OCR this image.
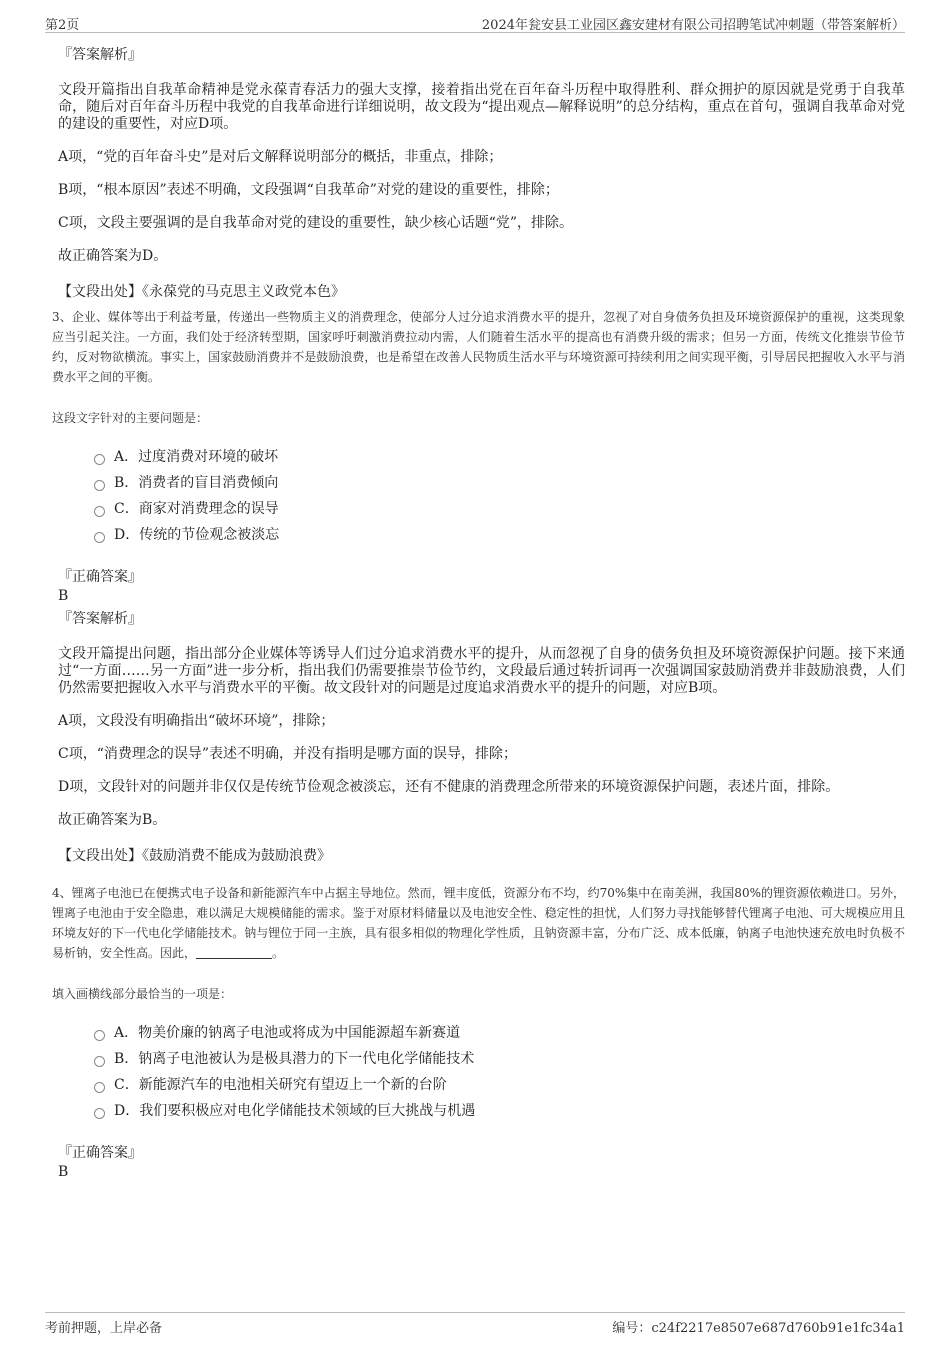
第2页	2024年瓮安县工业园区鑫安建材有限公司招聘笔试冲刺题（带答案解析）
『答案解析』

文段开篇指出自我革命精神是党永葆青春活力的强大支撑，接着指出党在百年奋斗历程中取得胜利、群众拥护的原因就是党勇于自我革命，随后对百年奋斗历程中我党的自我革命进行详细说明，故文段为“提出观点—解释说明”的总分结构，重点在首句，强调自我革命对党的建设的重要性，对应D项。

A项，“党的百年奋斗史”是对后文解释说明部分的概括，非重点，排除；

B项，“根本原因”表述不明确，文段强调“自我革命”对党的建设的重要性，排除；

C项，文段主要强调的是自我革命对党的建设的重要性，缺少核心话题“党”，排除。

故正确答案为D。

【文段出处】《永葆党的马克思主义政党本色》

3、企业、媒体等出于利益考量，传递出一些物质主义的消费理念，使部分人过分追求消费水平的提升，忽视了对自身债务负担及环境资源保护的重视，这类现象应当引起关注。一方面，我们处于经济转型期，国家呼吁刺激消费拉动内需，人们随着生活水平的提高也有消费升级的需求；但另一方面，传统文化推崇节俭节约，反对物欲横流。事实上，国家鼓励消费并不是鼓励浪费，也是希望在改善人民物质生活水平与环境资源可持续利用之间实现平衡，引导居民把握收入水平与消费水平之间的平衡。

这段文字针对的主要问题是：

A．过度消费对环境的破坏
B．消费者的盲目消费倾向
C．商家对消费理念的误导
D．传统的节俭观念被淡忘
『正确答案』
B
『答案解析』

文段开篇提出问题，指出部分企业媒体等诱导人们过分追求消费水平的提升，从而忽视了自身的债务负担及环境资源保护问题。接下来通过“一方面……另一方面”进一步分析，指出我们仍需要推崇节俭节约，文段最后通过转折词再一次强调国家鼓励消费并非鼓励浪费，人们仍然需要把握收入水平与消费水平的平衡。故文段针对的问题是过度追求消费水平的提升的问题，对应B项。

A项，文段没有明确指出“破坏环境”，排除；

C项，“消费理念的误导”表述不明确，并没有指明是哪方面的误导，排除；

D项，文段针对的问题并非仅仅是传统节俭观念被淡忘，还有不健康的消费理念所带来的环境资源保护问题，表述片面，排除。

故正确答案为B。

【文段出处】《鼓励消费不能成为鼓励浪费》

4、锂离子电池已在便携式电子设备和新能源汽车中占据主导地位。然而，锂丰度低，资源分布不均，约70%集中在南美洲，我国80%的锂资源依赖进口。另外，锂离子电池由于安全隐患，难以满足大规模储能的需求。鉴于对原材料储量以及电池安全性、稳定性的担忧，人们努力寻找能够替代锂离子电池、可大规模应用且环境友好的下一代电化学储能技术。钠与锂位于同一主族，具有很多相似的物理化学性质，且钠资源丰富，分布广泛、成本低廉，钠离子电池快速充放电时负极不易析钠，安全性高。因此，	。

填入画横线部分最恰当的一项是：

A．物美价廉的钠离子电池或将成为中国能源超车新赛道
B．钠离子电池被认为是极具潜力的下一代电化学储能技术
C．新能源汽车的电池相关研究有望迈上一个新的台阶
D．我们要积极应对电化学储能技术领域的巨大挑战与机遇
『正确答案』
B
考前押题，上岸必备	编号：c24f2217e8507e687d760b91e1fc34a1
